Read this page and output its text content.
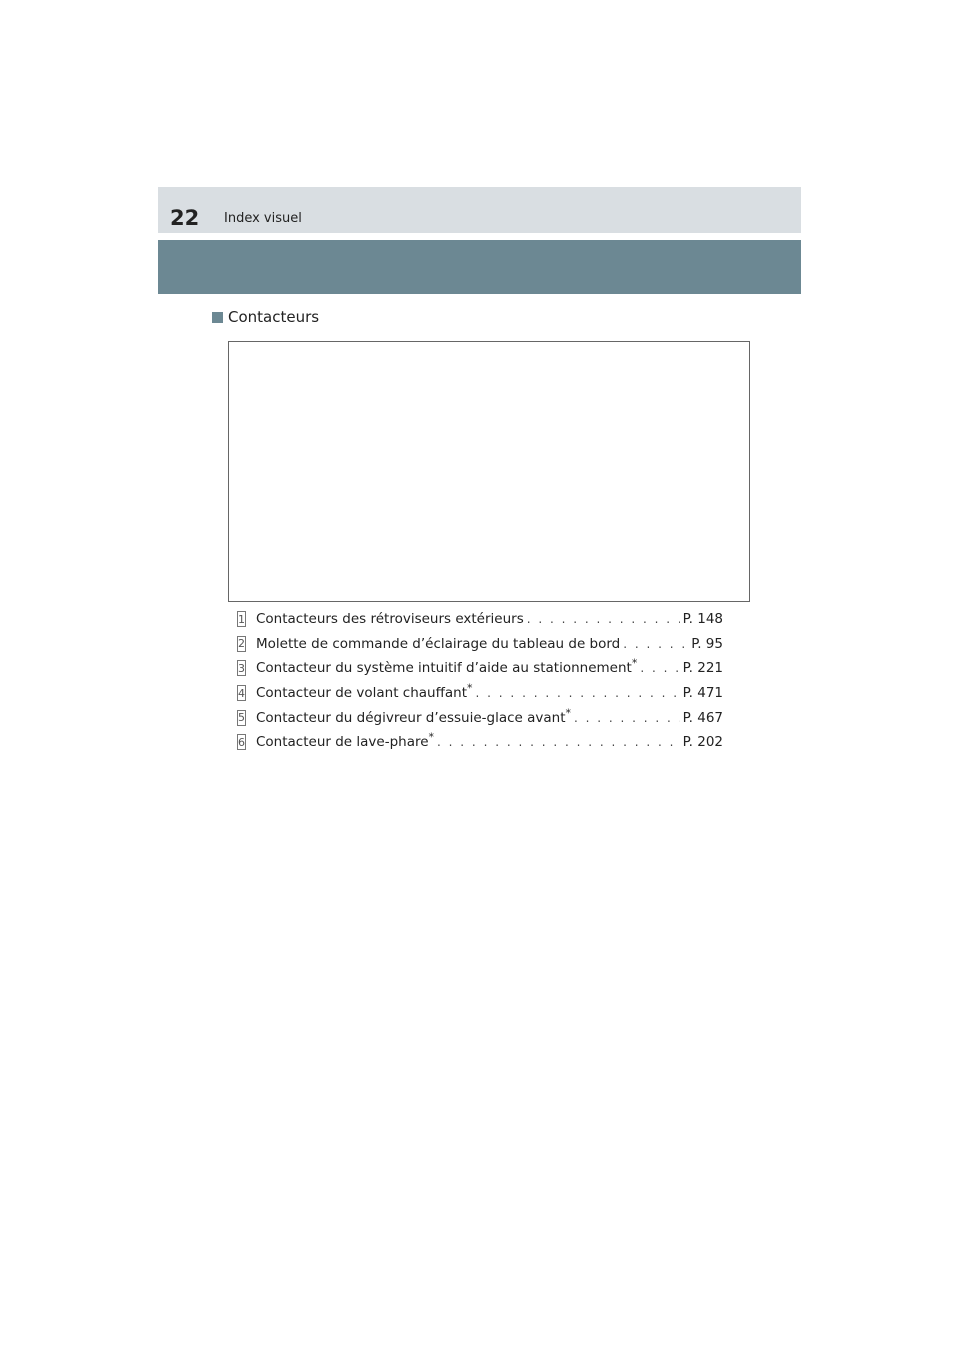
22 Index visuel
Contacteurs
1 Contacteurs des rétroviseurs extérieurs . . .	P. 148
2 Molette de commande d’éclairage du tableau de bord . . .	P. 95
3 Contacteur du système intuitif d’aide au stationnement* . . .	P. 221
4 Contacteur de volant chauffant* . . .	P. 471
5 Contacteur du dégivreur d’essuie-glace avant* . . .	P. 467
6 Contacteur de lave-phare* . . .	P. 202
